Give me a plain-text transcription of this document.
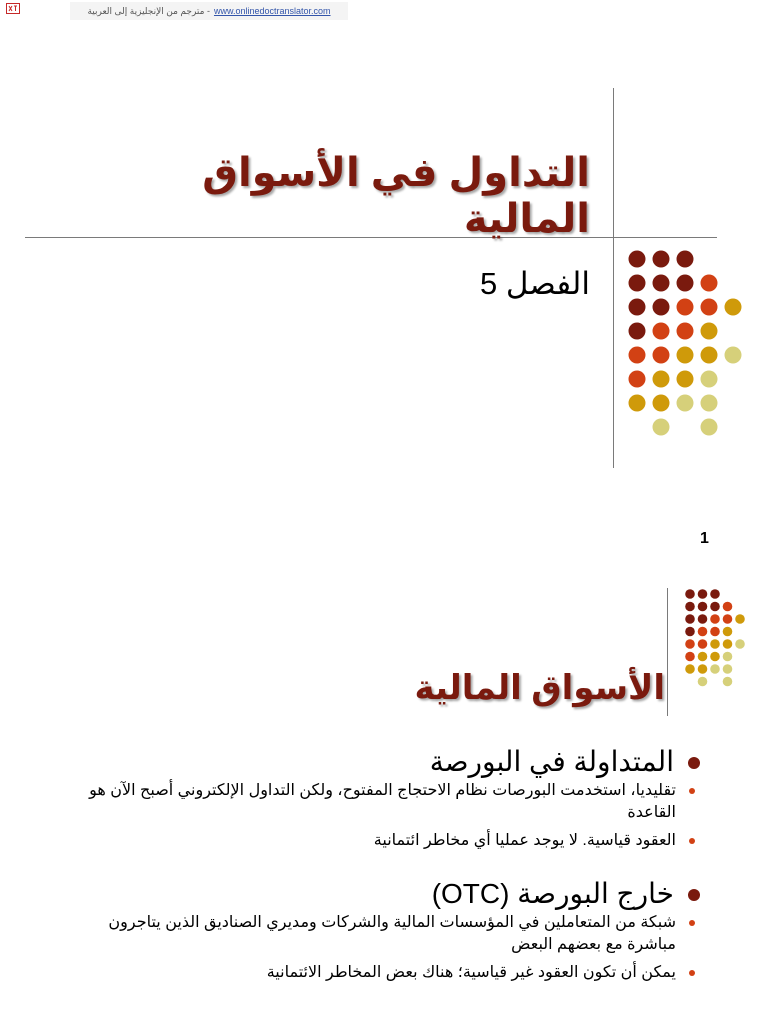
مترجم من الإنجليزية إلى العربية - www.onlinedoctranslator.com
التداول في الأسواق المالية
الفصل 5
1
الأسواق المالية

المتداولة في البورصة

تقليديا، استخدمت البورصات نظام الاحتجاج المفتوح، ولكن التداول الإلكتروني أصبح الآن هو القاعدة

العقود قياسية. لا يوجد عمليا أي مخاطر ائتمانية

خارج البورصة (OTC)

شبكة من المتعاملين في المؤسسات المالية والشركات ومديري الصناديق الذين يتاجرون مباشرة مع بعضهم البعض

يمكن أن تكون العقود غير قياسية؛ هناك بعض المخاطر الائتمانية
